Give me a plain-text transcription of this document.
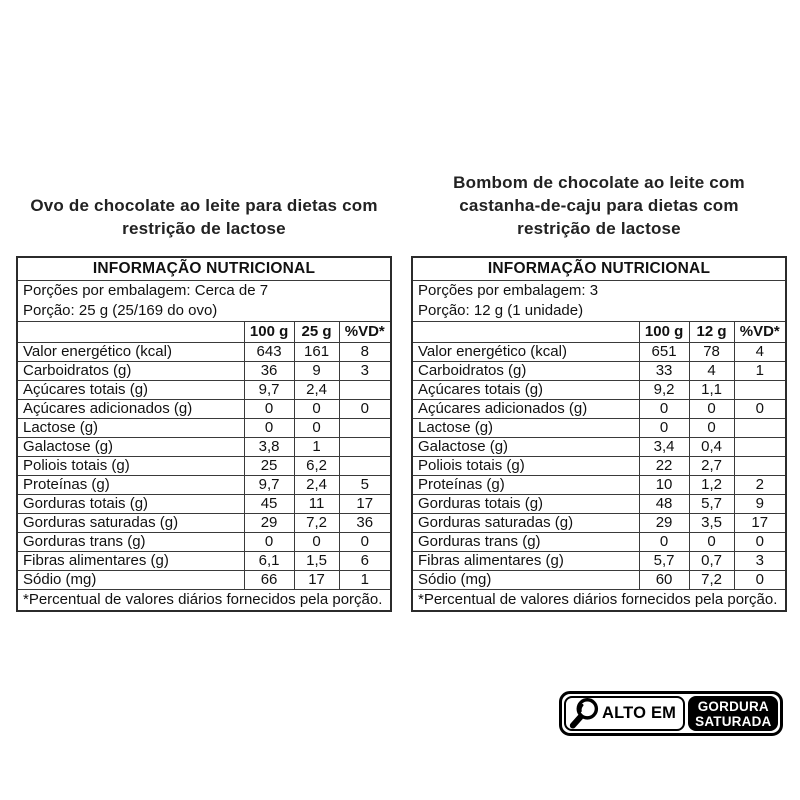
Ovo de chocolate ao leite para dietas com
restrição de lactose
INFORMAÇÃO NUTRICIONAL			

Porções por embalagem: Cerca de 7
Porção: 25 g (25/169 do ovo)			

	100 g	25 g	%VD*
Valor energético (kcal)	643	161	8
Carboidratos (g)	36	9	3
Açúcares totais (g)	9,7	2,4	
Açúcares adicionados (g)	0	0	0
Lactose (g)	0	0	
Galactose (g)	3,8	1	
Poliois totais (g)	25	6,2	
Proteínas (g)	9,7	2,4	5
Gorduras totais (g)	45	11	17
Gorduras saturadas (g)	29	7,2	36
Gorduras trans (g)	0	0	0
Fibras alimentares (g)	6,1	1,5	6
Sódio (mg)	66	17	1
*Percentual de valores diários fornecidos pela porção.			
Bombom de chocolate ao leite com
castanha-de-caju para dietas com
restrição de lactose
INFORMAÇÃO NUTRICIONAL			

Porções por embalagem: 3
Porção: 12 g (1 unidade)			

	100 g	12 g	%VD*
Valor energético (kcal)	651	78	4
Carboidratos (g)	33	4	1
Açúcares totais (g)	9,2	1,1	
Açúcares adicionados (g)	0	0	0
Lactose (g)	0	0	
Galactose (g)	3,4	0,4	
Poliois totais (g)	22	2,7	
Proteínas (g)	10	1,2	2
Gorduras totais (g)	48	5,7	9
Gorduras saturadas (g)	29	3,5	17
Gorduras trans (g)	0	0	0
Fibras alimentares (g)	5,7	0,7	3
Sódio (mg)	60	7,2	0
*Percentual de valores diários fornecidos pela porção.			
ALTO EM GORDURA
SATURADA
